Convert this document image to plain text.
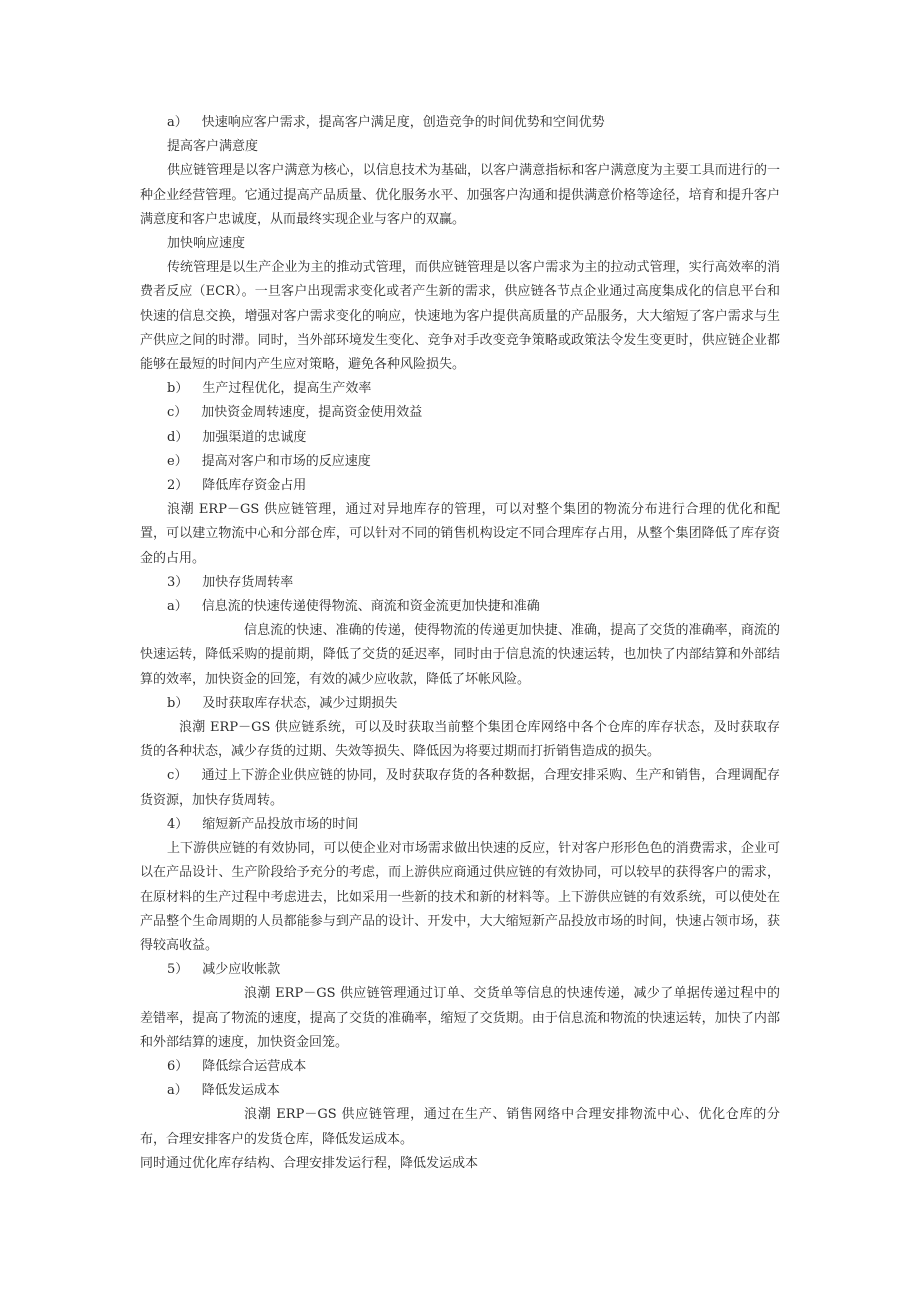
a） 快速响应客户需求，提高客户满足度，创造竞争的时间优势和空间优势

提高客户满意度

供应链管理是以客户满意为核心，以信息技术为基础，以客户满意指标和客户满意度为主要工具而进行的一种企业经营管理。它通过提高产品质量、优化服务水平、加强客户沟通和提供满意价格等途径，培育和提升客户满意度和客户忠诚度，从而最终实现企业与客户的双赢。

加快响应速度

传统管理是以生产企业为主的推动式管理，而供应链管理是以客户需求为主的拉动式管理，实行高效率的消费者反应（ECR）。一旦客户出现需求变化或者产生新的需求，供应链各节点企业通过高度集成化的信息平台和快速的信息交换，增强对客户需求变化的响应，快速地为客户提供高质量的产品服务，大大缩短了客户需求与生产供应之间的时滞。同时，当外部环境发生变化、竞争对手改变竞争策略或政策法令发生变更时，供应链企业都能够在最短的时间内产生应对策略，避免各种风险损失。

b） 生产过程优化，提高生产效率

c） 加快资金周转速度，提高资金使用效益

d） 加强渠道的忠诚度

e） 提高对客户和市场的反应速度

2） 降低库存资金占用

浪潮 ERP－GS 供应链管理，通过对异地库存的管理，可以对整个集团的物流分布进行合理的优化和配置，可以建立物流中心和分部仓库，可以针对不同的销售机构设定不同合理库存占用，从整个集团降低了库存资金的占用。

3） 加快存货周转率

a） 信息流的快速传递使得物流、商流和资金流更加快捷和准确

信息流的快速、准确的传递，使得物流的传递更加快捷、准确，提高了交货的准确率，商流的快速运转，降低采购的提前期，降低了交货的延迟率，同时由于信息流的快速运转，也加快了内部结算和外部结算的效率，加快资金的回笼，有效的减少应收款，降低了坏帐风险。

b） 及时获取库存状态，减少过期损失

浪潮 ERP－GS 供应链系统，可以及时获取当前整个集团仓库网络中各个仓库的库存状态，及时获取存货的各种状态，减少存货的过期、失效等损失、降低因为将要过期而打折销售造成的损失。

c） 通过上下游企业供应链的协同，及时获取存货的各种数据，合理安排采购、生产和销售，合理调配存货资源，加快存货周转。

4） 缩短新产品投放市场的时间

上下游供应链的有效协同，可以使企业对市场需求做出快速的反应，针对客户形形色色的消费需求，企业可以在产品设计、生产阶段给予充分的考虑，而上游供应商通过供应链的有效协同，可以较早的获得客户的需求，在原材料的生产过程中考虑进去，比如采用一些新的技术和新的材料等。上下游供应链的有效系统，可以使处在产品整个生命周期的人员都能参与到产品的设计、开发中，大大缩短新产品投放市场的时间，快速占领市场，获得较高收益。

5） 减少应收帐款

浪潮 ERP－GS 供应链管理通过订单、交货单等信息的快速传递，减少了单据传递过程中的差错率，提高了物流的速度，提高了交货的准确率，缩短了交货期。由于信息流和物流的快速运转，加快了内部和外部结算的速度，加快资金回笼。

6） 降低综合运营成本

a） 降低发运成本

浪潮 ERP－GS 供应链管理，通过在生产、销售网络中合理安排物流中心、优化仓库的分布，合理安排客户的发货仓库，降低发运成本。

同时通过优化库存结构、合理安排发运行程，降低发运成本
